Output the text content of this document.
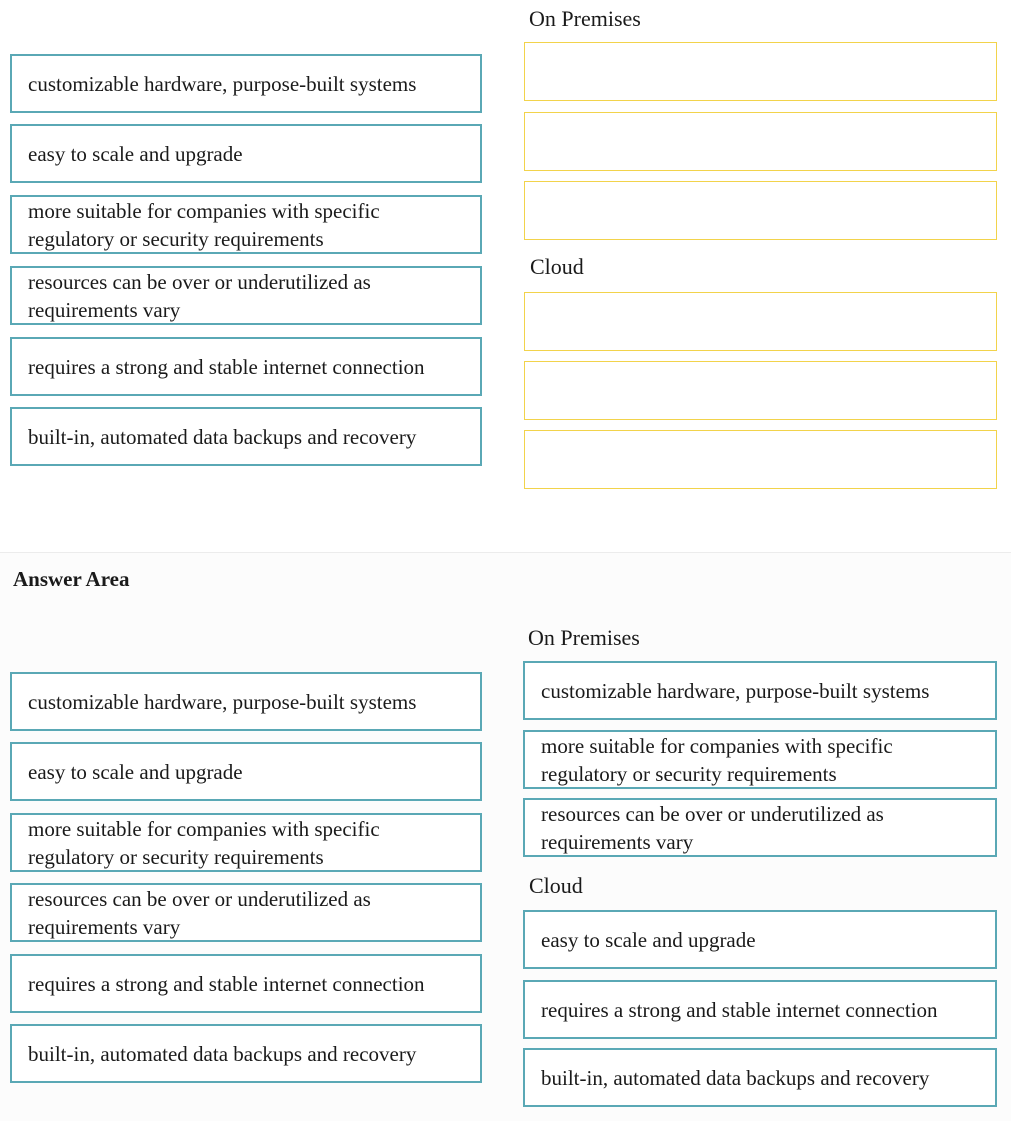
On Premises
customizable hardware, purpose-built systems
easy to scale and upgrade
more suitable for companies with specific regulatory or security requirements
resources can be over or underutilized as requirements vary
requires a strong and stable internet connection
built-in, automated data backups and recovery
Cloud
Answer Area
On Premises
customizable hardware, purpose-built systems
easy to scale and upgrade
more suitable for companies with specific regulatory or security requirements
resources can be over or underutilized as requirements vary
requires a strong and stable internet connection
built-in, automated data backups and recovery
customizable hardware, purpose-built systems
more suitable for companies with specific regulatory or security requirements
resources can be over or underutilized as requirements vary
Cloud
easy to scale and upgrade
requires a strong and stable internet connection
built-in, automated data backups and recovery
